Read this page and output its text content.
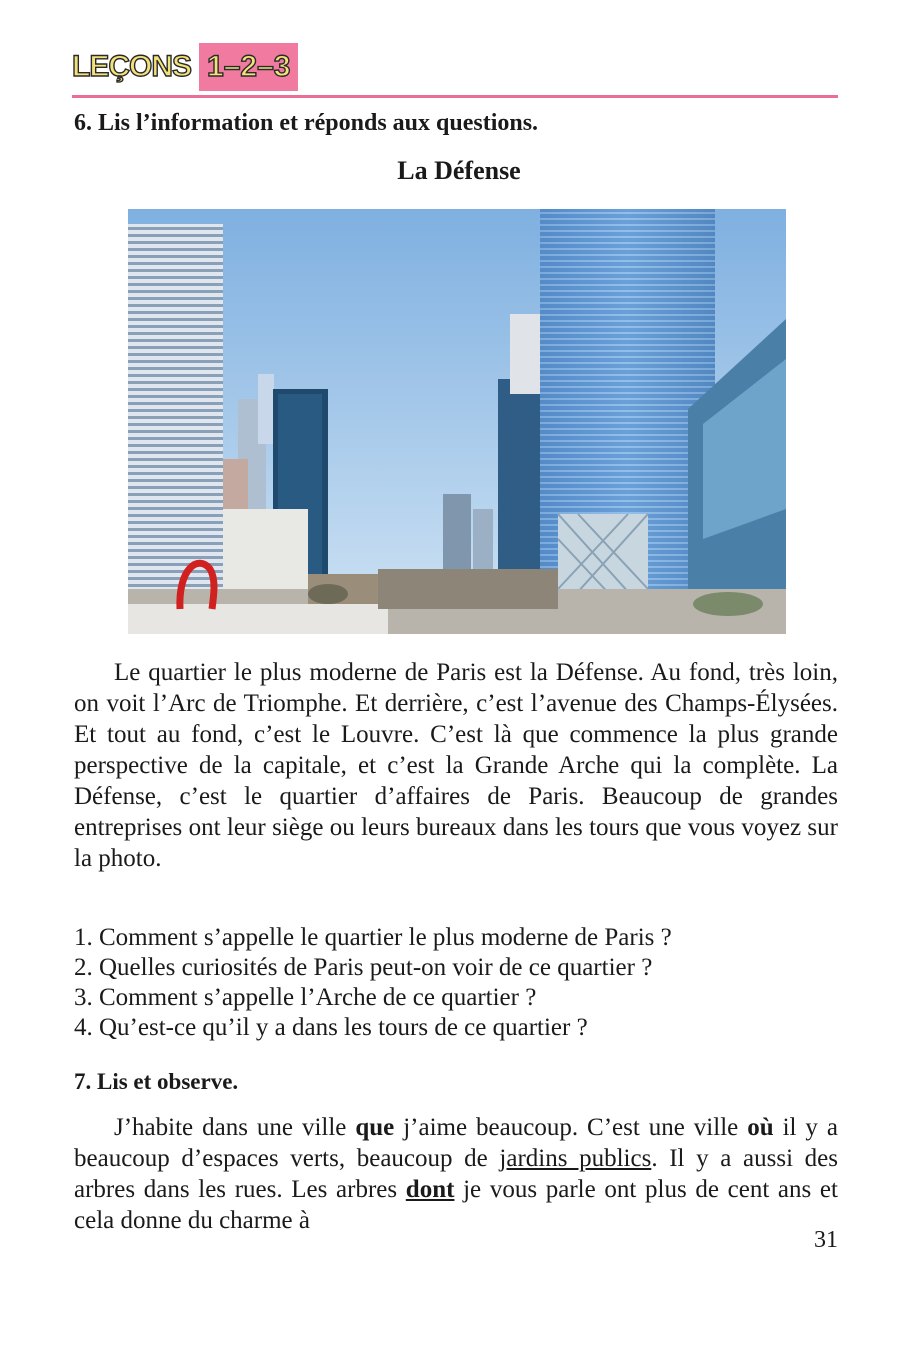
LEÇONS 1–2–3
6. Lis l’information et réponds aux questions.
La Défense

Le quartier le plus moderne de Paris est la Défense. Au fond, très loin, on voit l’Arc de Triomphe. Et derrière, c’est l’avenue des Champs-Élysées. Et tout au fond, c’est le Louvre. C’est là que commence la plus grande perspective de la capitale, et c’est la Grande Arche qui la complète. La Défense, c’est le quartier d’affaires de Paris. Beaucoup de grandes entreprises ont leur siège ou leurs bureaux dans les tours que vous voyez sur la photo.

1. Comment s’appelle le quartier le plus moderne de Paris ?
2. Quelles curiosités de Paris peut-on voir de ce quartier ?
3. Comment s’appelle l’Arche de ce quartier ?
4. Qu’est-ce qu’il y a dans les tours de ce quartier ?
7. Lis et observe.

J’habite dans une ville que j’aime beaucoup. C’est une ville où il y a beaucoup d’espaces verts, beaucoup de jardins publics. Il y a aussi des arbres dans les rues. Les arbres dont je vous parle ont plus de cent ans et cela donne du charme à

31
